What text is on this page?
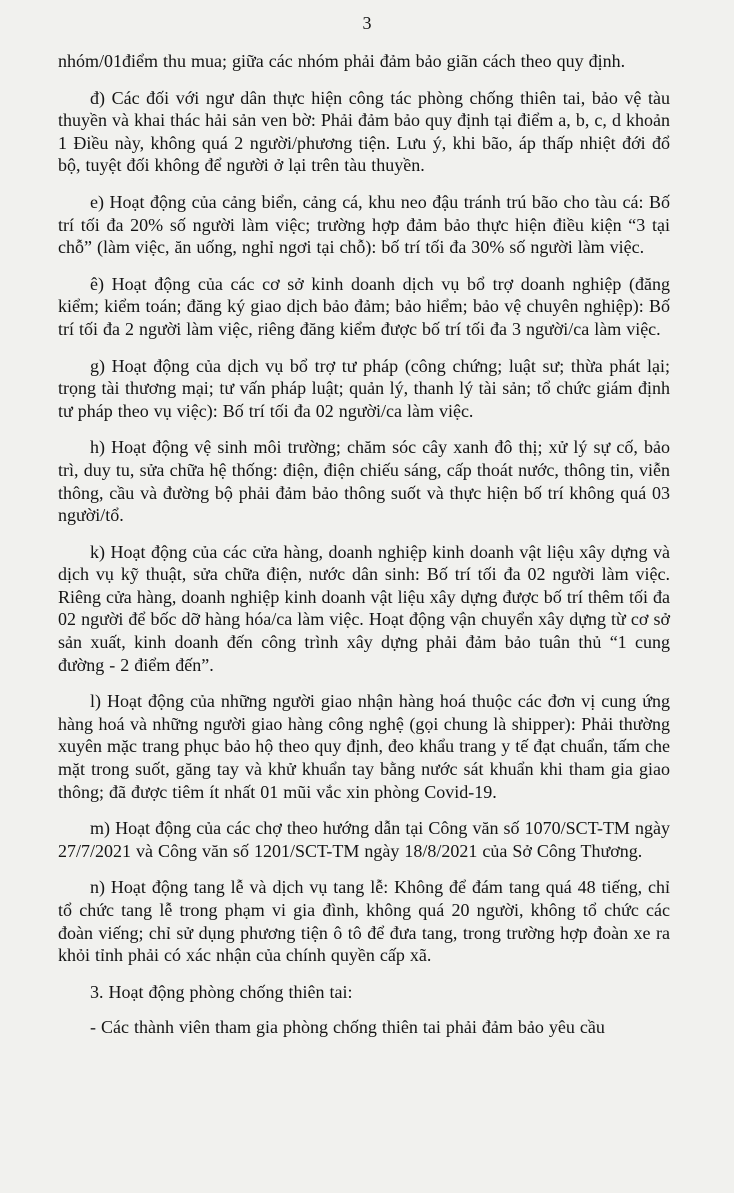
3

nhóm/01điểm thu mua; giữa các nhóm phải đảm bảo giãn cách theo quy định.

đ) Các đối với ngư dân thực hiện công tác phòng chống thiên tai, bảo vệ tàu thuyền và khai thác hải sản ven bờ: Phải đảm bảo quy định tại điểm a, b, c, d khoản 1 Điều này, không quá 2 người/phương tiện. Lưu ý, khi bão, áp thấp nhiệt đới đổ bộ, tuyệt đối không để người ở lại trên tàu thuyền.

e) Hoạt động của cảng biển, cảng cá, khu neo đậu tránh trú bão cho tàu cá: Bố trí tối đa 20% số người làm việc; trường hợp đảm bảo thực hiện điều kiện “3 tại chỗ” (làm việc, ăn uống, nghỉ ngơi tại chỗ): bố trí tối đa 30% số người làm việc.

ê) Hoạt động của các cơ sở kinh doanh dịch vụ bổ trợ doanh nghiệp (đăng kiểm; kiểm toán; đăng ký giao dịch bảo đảm; bảo hiểm; bảo vệ chuyên nghiệp): Bố trí tối đa 2 người làm việc, riêng đăng kiểm được bố trí tối đa 3 người/ca làm việc.

g) Hoạt động của dịch vụ bổ trợ tư pháp (công chứng; luật sư; thừa phát lại; trọng tài thương mại; tư vấn pháp luật; quản lý, thanh lý tài sản; tổ chức giám định tư pháp theo vụ việc): Bố trí tối đa 02 người/ca làm việc.

h) Hoạt động vệ sinh môi trường; chăm sóc cây xanh đô thị; xử lý sự cố, bảo trì, duy tu, sửa chữa hệ thống: điện, điện chiếu sáng, cấp thoát nước, thông tin, viễn thông, cầu và đường bộ phải đảm bảo thông suốt và thực hiện bố trí không quá 03 người/tổ.

k) Hoạt động của các cửa hàng, doanh nghiệp kinh doanh vật liệu xây dựng và dịch vụ kỹ thuật, sửa chữa điện, nước dân sinh: Bố trí tối đa 02 người làm việc. Riêng cửa hàng, doanh nghiệp kinh doanh vật liệu xây dựng được bố trí thêm tối đa 02 người để bốc dỡ hàng hóa/ca làm việc. Hoạt động vận chuyển xây dựng từ cơ sở sản xuất, kinh doanh đến công trình xây dựng phải đảm bảo tuân thủ “1 cung đường - 2 điểm đến”.

l) Hoạt động của những người giao nhận hàng hoá thuộc các đơn vị cung ứng hàng hoá và những người giao hàng công nghệ (gọi chung là shipper): Phải thường xuyên mặc trang phục bảo hộ theo quy định, đeo khẩu trang y tế đạt chuẩn, tấm che mặt trong suốt, găng tay và khử khuẩn tay bằng nước sát khuẩn khi tham gia giao thông; đã được tiêm ít nhất 01 mũi vắc xin phòng Covid-19.

m) Hoạt động của các chợ theo hướng dẫn tại Công văn số 1070/SCT-TM ngày 27/7/2021 và Công văn số 1201/SCT-TM ngày 18/8/2021 của Sở Công Thương.

n) Hoạt động tang lễ và dịch vụ tang lễ: Không để đám tang quá 48 tiếng, chỉ tổ chức tang lễ trong phạm vi gia đình, không quá 20 người, không tổ chức các đoàn viếng; chỉ sử dụng phương tiện ô tô để đưa tang, trong trường hợp đoàn xe ra khỏi tỉnh phải có xác nhận của chính quyền cấp xã.

3. Hoạt động phòng chống thiên tai:

- Các thành viên tham gia phòng chống thiên tai phải đảm bảo yêu cầu
